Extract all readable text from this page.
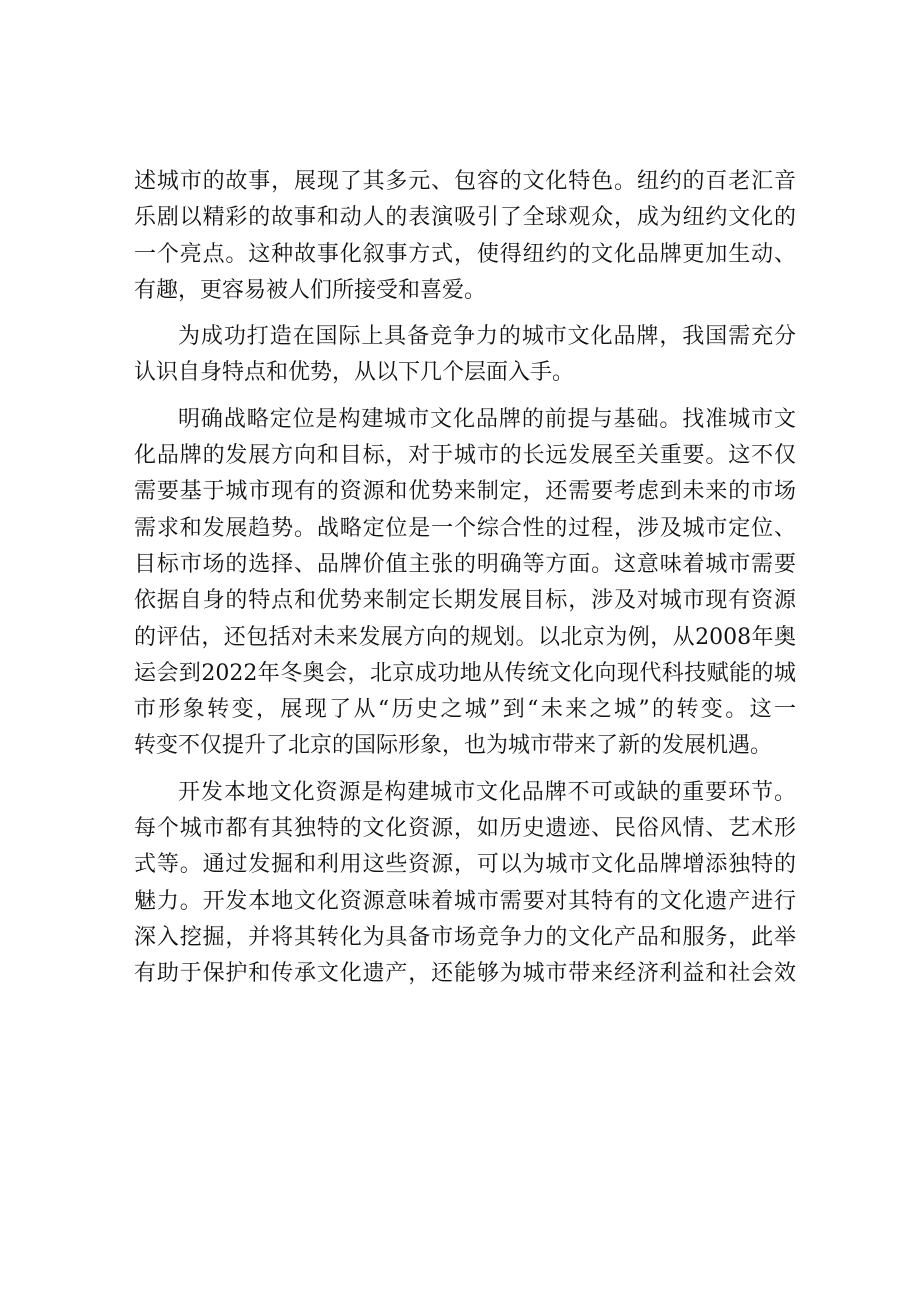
述城市的故事，展现了其多元、包容的文化特色。纽约的百老汇音
乐剧以精彩的故事和动人的表演吸引了全球观众，成为纽约文化的
一个亮点。这种故事化叙事方式，使得纽约的文化品牌更加生动、
有趣，更容易被人们所接受和喜爱。
为成功打造在国际上具备竞争力的城市文化品牌，我国需充分
认识自身特点和优势，从以下几个层面入手。
明确战略定位是构建城市文化品牌的前提与基础。找准城市文
化品牌的发展方向和目标，对于城市的长远发展至关重要。这不仅
需要基于城市现有的资源和优势来制定，还需要考虑到未来的市场
需求和发展趋势。战略定位是一个综合性的过程，涉及城市定位、
目标市场的选择、品牌价值主张的明确等方面。这意味着城市需要
依据自身的特点和优势来制定长期发展目标，涉及对城市现有资源
的评估，还包括对未来发展方向的规划。以北京为例，从2008年奥
运会到2022年冬奥会，北京成功地从传统文化向现代科技赋能的城
市形象转变，展现了从“历史之城”到“未来之城”的转变。这一
转变不仅提升了北京的国际形象，也为城市带来了新的发展机遇。
开发本地文化资源是构建城市文化品牌不可或缺的重要环节。
每个城市都有其独特的文化资源，如历史遗迹、民俗风情、艺术形
式等。通过发掘和利用这些资源，可以为城市文化品牌增添独特的
魅力。开发本地文化资源意味着城市需要对其特有的文化遗产进行
深入挖掘，并将其转化为具备市场竞争力的文化产品和服务，此举
有助于保护和传承文化遗产，还能够为城市带来经济利益和社会效
